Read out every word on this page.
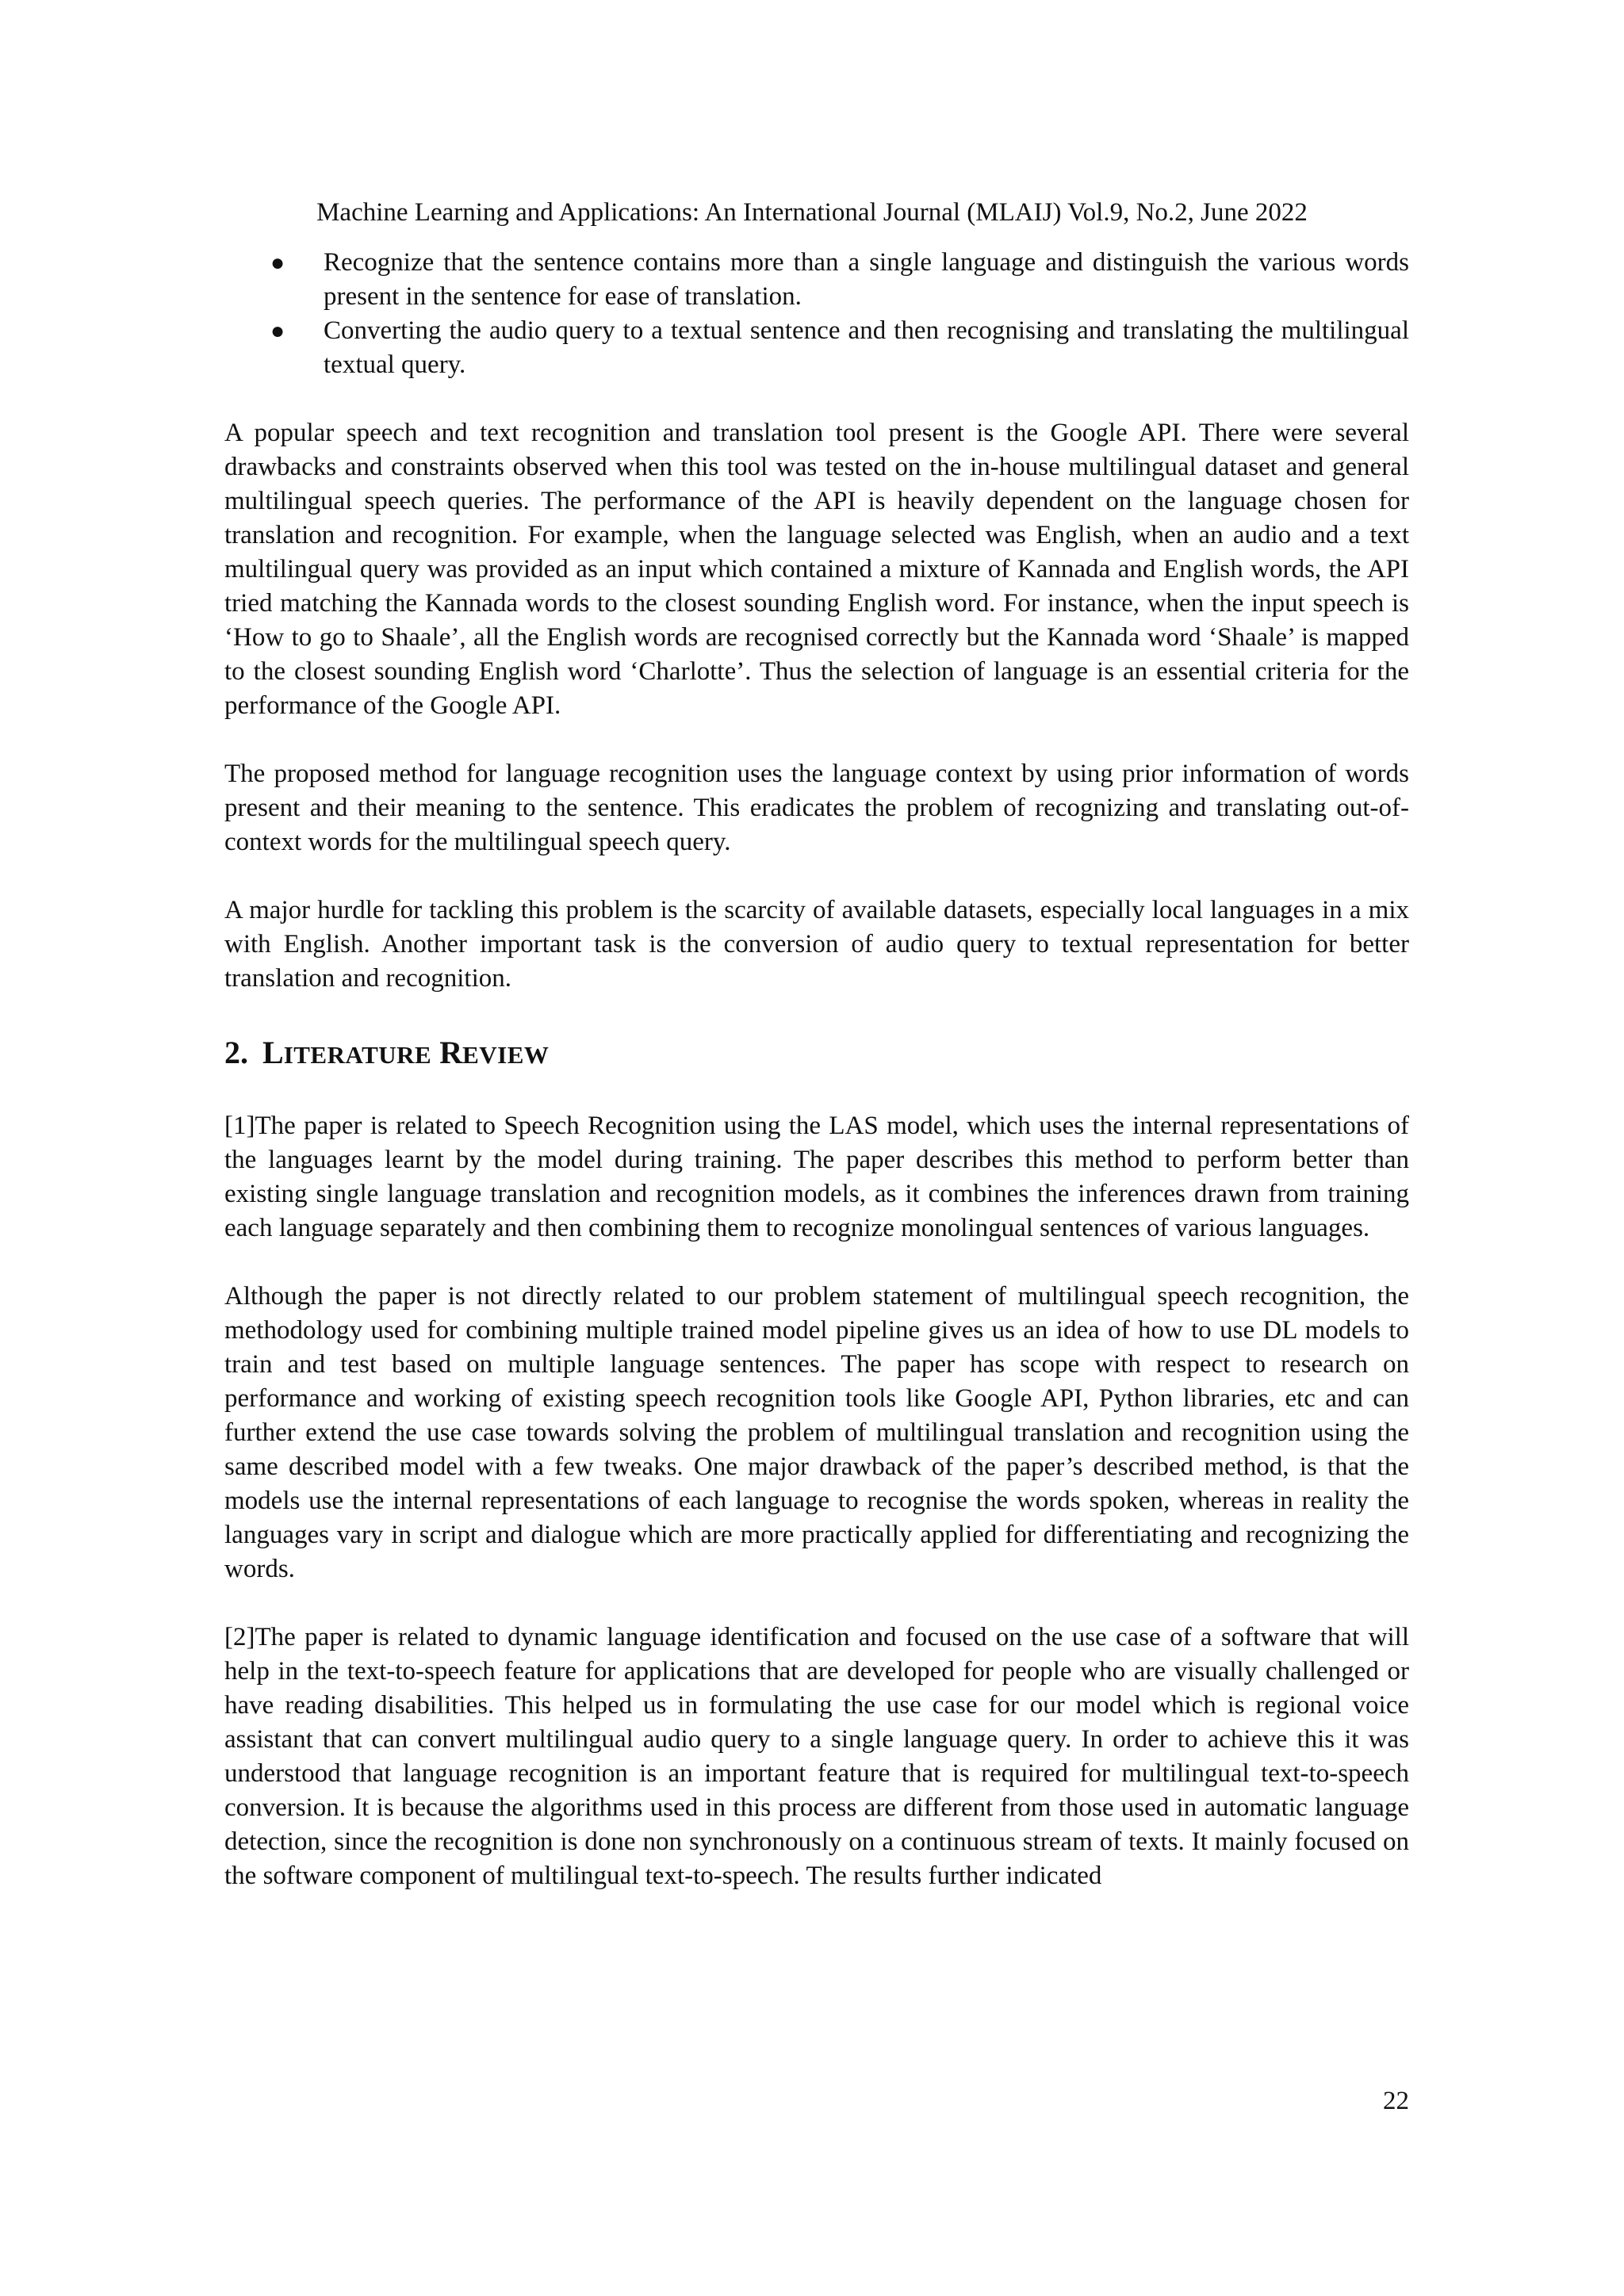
Machine Learning and Applications: An International Journal (MLAIJ) Vol.9, No.2, June 2022
● Recognize that the sentence contains more than a single language and distinguish the various words present in the sentence for ease of translation.
● Converting the audio query to a textual sentence and then recognising and translating the multilingual textual query.

A popular speech and text recognition and translation tool present is the Google API. There were several drawbacks and constraints observed when this tool was tested on the in-house multilingual dataset and general multilingual speech queries. The performance of the API is heavily dependent on the language chosen for translation and recognition. For example, when the language selected was English, when an audio and a text multilingual query was provided as an input which contained a mixture of Kannada and English words, the API tried matching the Kannada words to the closest sounding English word. For instance, when the input speech is ‘How to go to Shaale’, all the English words are recognised correctly but the Kannada word ‘Shaale’ is mapped to the closest sounding English word ‘Charlotte’. Thus the selection of language is an essential criteria for the performance of the Google API.

The proposed method for language recognition uses the language context by using prior information of words present and their meaning to the sentence. This eradicates the problem of recognizing and translating out-of-context words for the multilingual speech query.

A major hurdle for tackling this problem is the scarcity of available datasets, especially local languages in a mix with English. Another important task is the conversion of audio query to textual representation for better translation and recognition.

2. LITERATURE REVIEW

[1]The paper is related to Speech Recognition using the LAS model, which uses the internal representations of the languages learnt by the model during training. The paper describes this method to perform better than existing single language translation and recognition models, as it combines the inferences drawn from training each language separately and then combining them to recognize monolingual sentences of various languages.

Although the paper is not directly related to our problem statement of multilingual speech recognition, the methodology used for combining multiple trained model pipeline gives us an idea of how to use DL models to train and test based on multiple language sentences. The paper has scope with respect to research on performance and working of existing speech recognition tools like Google API, Python libraries, etc and can further extend the use case towards solving the problem of multilingual translation and recognition using the same described model with a few tweaks. One major drawback of the paper’s described method, is that the models use the internal representations of each language to recognise the words spoken, whereas in reality the languages vary in script and dialogue which are more practically applied for differentiating and recognizing the words.

[2]The paper is related to dynamic language identification and focused on the use case of a software that will help in the text-to-speech feature for applications that are developed for people who are visually challenged or have reading disabilities. This helped us in formulating the use case for our model which is regional voice assistant that can convert multilingual audio query to a single language query. In order to achieve this it was understood that language recognition is an important feature that is required for multilingual text-to-speech conversion. It is because the algorithms used in this process are different from those used in automatic language detection, since the recognition is done non synchronously on a continuous stream of texts. It mainly focused on the software component of multilingual text-to-speech. The results further indicated

22
